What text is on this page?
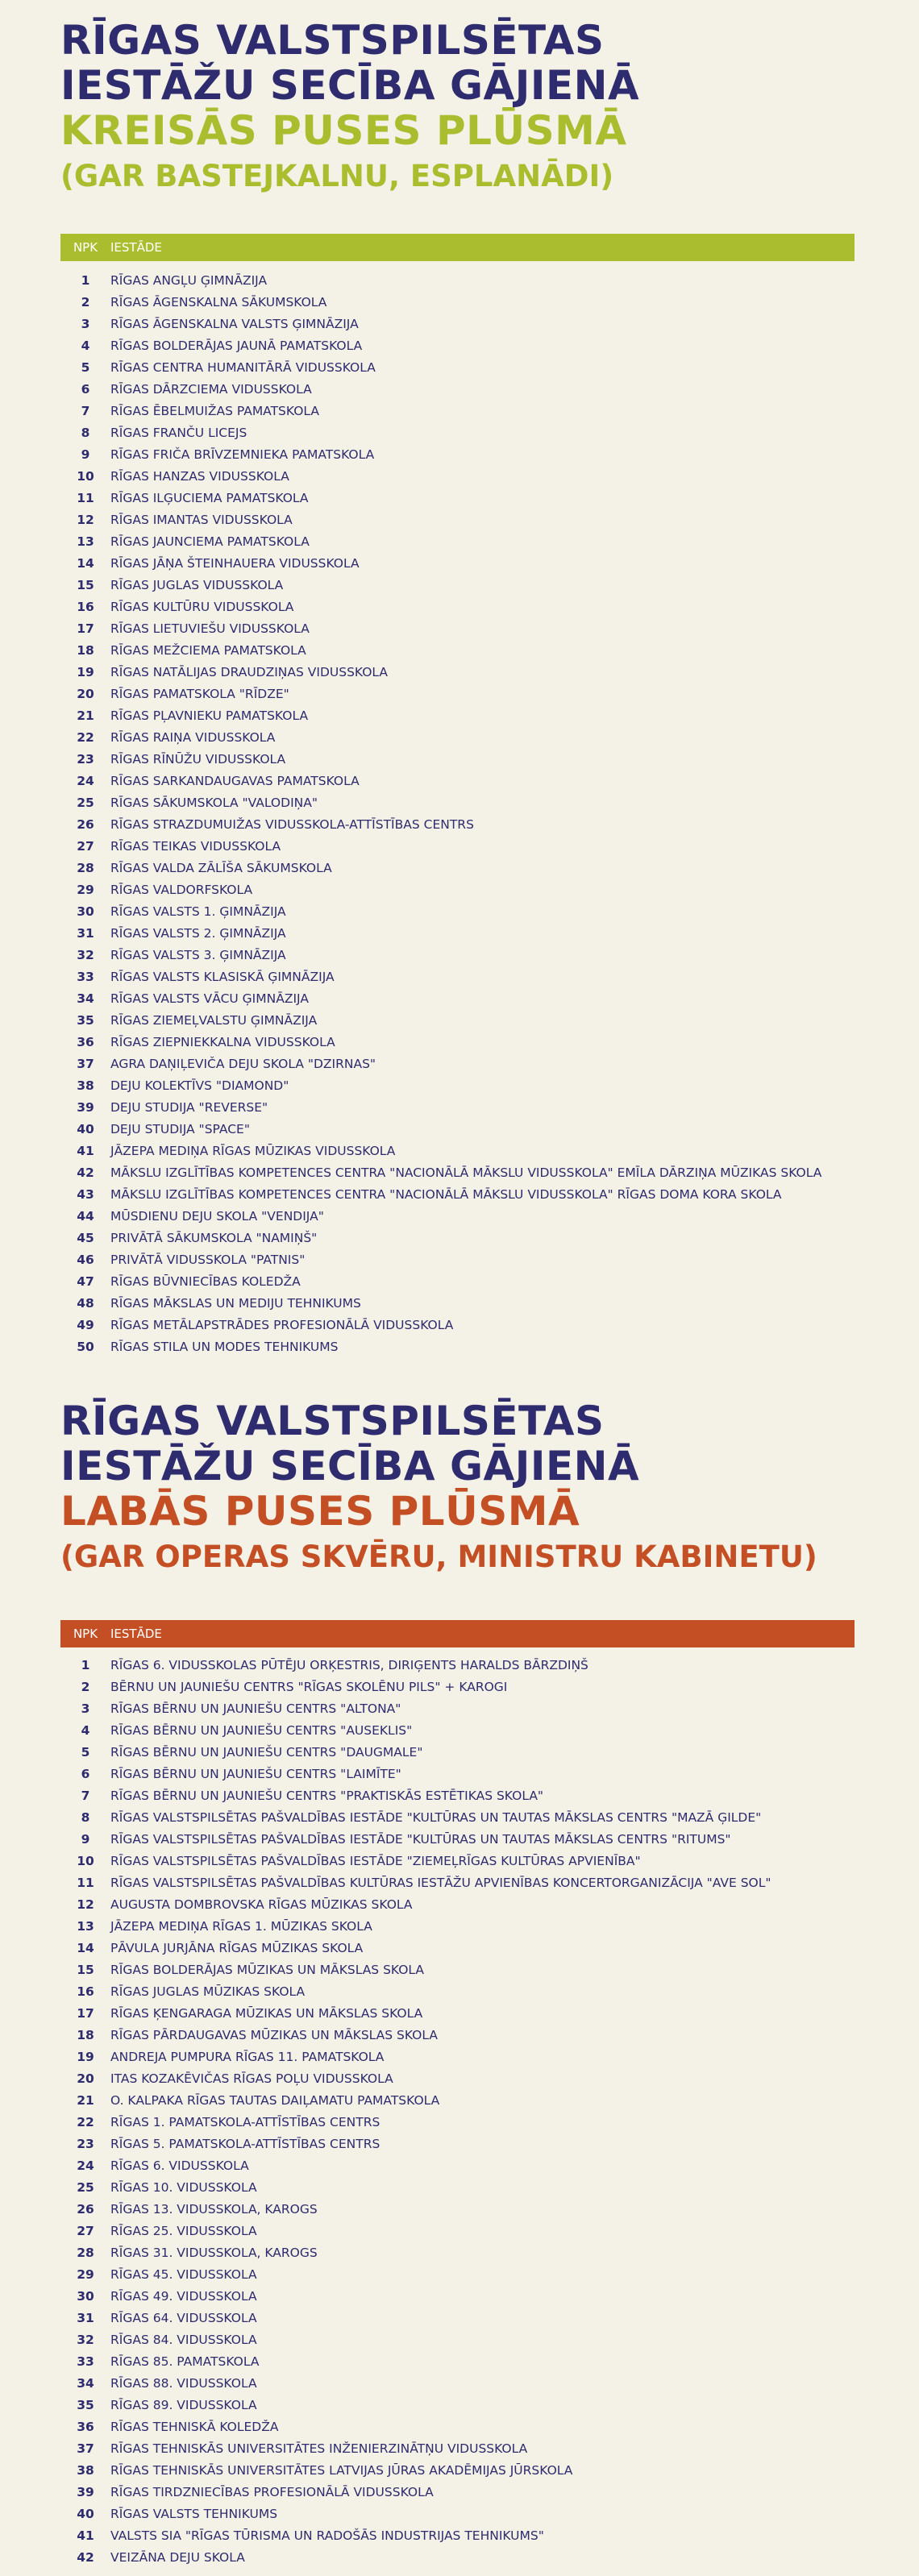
RĪGAS VALSTSPILSĒTAS

IESTĀŽU SECĪBA GĀJIENĀ

KREISĀS PUSES PLŪSMĀ

(GAR BASTEJKALNU, ESPLANĀDI)

NPK	IESTĀDE
1	RĪGAS ANGĻU ĢIMNĀZIJA
2	RĪGAS ĀGENSKALNA SĀKUMSKOLA
3	RĪGAS ĀGENSKALNA VALSTS ĢIMNĀZIJA
4	RĪGAS BOLDERĀJAS JAUNĀ PAMATSKOLA
5	RĪGAS CENTRA HUMANITĀRĀ VIDUSSKOLA
6	RĪGAS DĀRZCIEMA VIDUSSKOLA
7	RĪGAS ĒBELMUIŽAS PAMATSKOLA
8	RĪGAS FRANČU LICEJS
9	RĪGAS FRIČA BRĪVZEMNIEKA PAMATSKOLA
10	RĪGAS HANZAS VIDUSSKOLA
11	RĪGAS ILĢUCIEMA PAMATSKOLA
12	RĪGAS IMANTAS VIDUSSKOLA
13	RĪGAS JAUNCIEMA PAMATSKOLA
14	RĪGAS JĀŅA ŠTEINHAUERA VIDUSSKOLA
15	RĪGAS JUGLAS VIDUSSKOLA
16	RĪGAS KULTŪRU VIDUSSKOLA
17	RĪGAS LIETUVIEŠU VIDUSSKOLA
18	RĪGAS MEŽCIEMA PAMATSKOLA
19	RĪGAS NATĀLIJAS DRAUDZIŅAS VIDUSSKOLA
20	RĪGAS PAMATSKOLA "RĪDZE"
21	RĪGAS PĻAVNIEKU PAMATSKOLA
22	RĪGAS RAIŅA VIDUSSKOLA
23	RĪGAS RĪNŪŽU VIDUSSKOLA
24	RĪGAS SARKANDAUGAVAS PAMATSKOLA
25	RĪGAS SĀKUMSKOLA "VALODIŅA"
26	RĪGAS STRAZDUMUIŽAS VIDUSSKOLA-ATTĪSTĪBAS CENTRS
27	RĪGAS TEIKAS VIDUSSKOLA
28	RĪGAS VALDA ZĀLĪŠA SĀKUMSKOLA
29	RĪGAS VALDORFSKOLA
30	RĪGAS VALSTS 1. ĢIMNĀZIJA
31	RĪGAS VALSTS 2. ĢIMNĀZIJA
32	RĪGAS VALSTS 3. ĢIMNĀZIJA
33	RĪGAS VALSTS KLASISKĀ ĢIMNĀZIJA
34	RĪGAS VALSTS VĀCU ĢIMNĀZIJA
35	RĪGAS ZIEMEĻVALSTU ĢIMNĀZIJA
36	RĪGAS ZIEPNIEKKALNA VIDUSSKOLA
37	AGRA DAŅIĻEVIČA DEJU SKOLA "DZIRNAS"
38	DEJU KOLEKTĪVS "DIAMOND"
39	DEJU STUDIJA "REVERSE"
40	DEJU STUDIJA "SPACE"
41	JĀZEPA MEDIŅA RĪGAS MŪZIKAS VIDUSSKOLA
42	MĀKSLU IZGLĪTĪBAS KOMPETENCES CENTRA "NACIONĀLĀ MĀKSLU VIDUSSKOLA" EMĪLA DĀRZIŅA MŪZIKAS SKOLA
43	MĀKSLU IZGLĪTĪBAS KOMPETENCES CENTRA "NACIONĀLĀ MĀKSLU VIDUSSKOLA" RĪGAS DOMA KORA SKOLA
44	MŪSDIENU DEJU SKOLA "VENDIJA"
45	PRIVĀTĀ SĀKUMSKOLA "NAMIŅŠ"
46	PRIVĀTĀ VIDUSSKOLA "PATNIS"
47	RĪGAS BŪVNIECĪBAS KOLEDŽA
48	RĪGAS MĀKSLAS UN MEDIJU TEHNIKUMS
49	RĪGAS METĀLAPSTRĀDES PROFESIONĀLĀ VIDUSSKOLA
50	RĪGAS STILA UN MODES TEHNIKUMS

RĪGAS VALSTSPILSĒTAS

IESTĀŽU SECĪBA GĀJIENĀ

LABĀS PUSES PLŪSMĀ

(GAR OPERAS SKVĒRU, MINISTRU KABINETU)

NPK	IESTĀDE
1	RĪGAS 6. VIDUSSKOLAS PŪTĒJU ORĶESTRIS, DIRIĢENTS HARALDS BĀRZDIŅŠ
2	BĒRNU UN JAUNIEŠU CENTRS "RĪGAS SKOLĒNU PILS" + KAROGI
3	RĪGAS BĒRNU UN JAUNIEŠU CENTRS "ALTONA"
4	RĪGAS BĒRNU UN JAUNIEŠU CENTRS "AUSEKLIS"
5	RĪGAS BĒRNU UN JAUNIEŠU CENTRS "DAUGMALE"
6	RĪGAS BĒRNU UN JAUNIEŠU CENTRS "LAIMĪTE"
7	RĪGAS BĒRNU UN JAUNIEŠU CENTRS "PRAKTISKĀS ESTĒTIKAS SKOLA"
8	RĪGAS VALSTSPILSĒTAS PAŠVALDĪBAS IESTĀDE "KULTŪRAS UN TAUTAS MĀKSLAS CENTRS "MAZĀ ĢILDE"
9	RĪGAS VALSTSPILSĒTAS PAŠVALDĪBAS IESTĀDE "KULTŪRAS UN TAUTAS MĀKSLAS CENTRS "RITUMS"
10	RĪGAS VALSTSPILSĒTAS PAŠVALDĪBAS IESTĀDE "ZIEMEĻRĪGAS KULTŪRAS APVIENĪBA"
11	RĪGAS VALSTSPILSĒTAS PAŠVALDĪBAS KULTŪRAS IESTĀŽU APVIENĪBAS KONCERTORGANIZĀCIJA "AVE SOL"
12	AUGUSTA DOMBROVSKA RĪGAS MŪZIKAS SKOLA
13	JĀZEPA MEDIŅA RĪGAS 1. MŪZIKAS SKOLA
14	PĀVULA JURJĀNA RĪGAS MŪZIKAS SKOLA
15	RĪGAS BOLDERĀJAS MŪZIKAS UN MĀKSLAS SKOLA
16	RĪGAS JUGLAS MŪZIKAS SKOLA
17	RĪGAS ĶENGARAGA MŪZIKAS UN MĀKSLAS SKOLA
18	RĪGAS PĀRDAUGAVAS MŪZIKAS UN MĀKSLAS SKOLA
19	ANDREJA PUMPURA RĪGAS 11. PAMATSKOLA
20	ITAS KOZAKĒVIČAS RĪGAS POĻU VIDUSSKOLA
21	O. KALPAKA RĪGAS TAUTAS DAIĻAMATU PAMATSKOLA
22	RĪGAS 1. PAMATSKOLA-ATTĪSTĪBAS CENTRS
23	RĪGAS 5. PAMATSKOLA-ATTĪSTĪBAS CENTRS
24	RĪGAS 6. VIDUSSKOLA
25	RĪGAS 10. VIDUSSKOLA
26	RĪGAS 13. VIDUSSKOLA, KAROGS
27	RĪGAS 25. VIDUSSKOLA
28	RĪGAS 31. VIDUSSKOLA, KAROGS
29	RĪGAS 45. VIDUSSKOLA
30	RĪGAS 49. VIDUSSKOLA
31	RĪGAS 64. VIDUSSKOLA
32	RĪGAS 84. VIDUSSKOLA
33	RĪGAS 85. PAMATSKOLA
34	RĪGAS 88. VIDUSSKOLA
35	RĪGAS 89. VIDUSSKOLA
36	RĪGAS TEHNISKĀ KOLEDŽA
37	RĪGAS TEHNISKĀS UNIVERSITĀTES INŽENIERZINĀTŅU VIDUSSKOLA
38	RĪGAS TEHNISKĀS UNIVERSITĀTES LATVIJAS JŪRAS AKADĒMIJAS JŪRSKOLA
39	RĪGAS TIRDZNIECĪBAS PROFESIONĀLĀ VIDUSSKOLA
40	RĪGAS VALSTS TEHNIKUMS
41	VALSTS SIA "RĪGAS TŪRISMA UN RADOŠĀS INDUSTRIJAS TEHNIKUMS"
42	VEIZĀNA DEJU SKOLA
